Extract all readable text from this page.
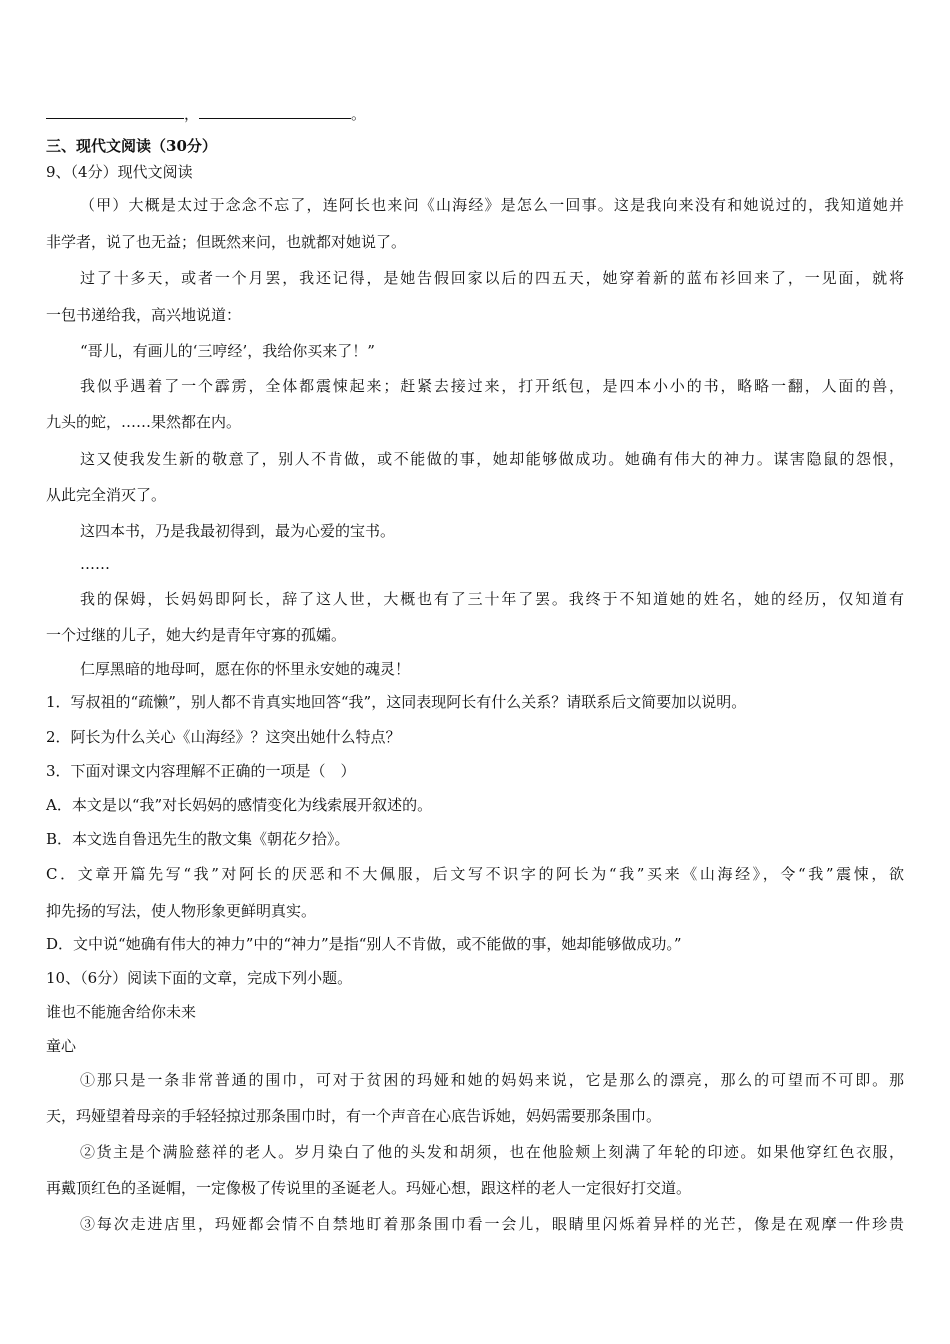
，	。
三、现代文阅读（30分）
9、（4分）现代文阅读
（甲）大概是太过于念念不忘了，连阿长也来问《山海经》是怎么一回事。这是我向来没有和她说过的，我知道她并
非学者，说了也无益；但既然来问，也就都对她说了。
过了十多天，或者一个月罢，我还记得，是她告假回家以后的四五天，她穿着新的蓝布衫回来了，一见面，就将
一包书递给我，高兴地说道：
“哥儿，有画儿的‘三哼经’，我给你买来了！”
我似乎遇着了一个霹雳，全体都震悚起来；赶紧去接过来，打开纸包，是四本小小的书，略略一翻，人面的兽，
九头的蛇，……果然都在内。
这又使我发生新的敬意了，别人不肯做，或不能做的事，她却能够做成功。她确有伟大的神力。谋害隐鼠的怨恨，
从此完全消灭了。
这四本书，乃是我最初得到，最为心爱的宝书。
……
我的保姆，长妈妈即阿长，辞了这人世，大概也有了三十年了罢。我终于不知道她的姓名，她的经历，仅知道有
一个过继的儿子，她大约是青年守寡的孤孀。
仁厚黑暗的地母呵，愿在你的怀里永安她的魂灵！
1．写叔祖的“疏懒”，别人都不肯真实地回答“我”，这同表现阿长有什么关系？请联系后文简要加以说明。
2．阿长为什么关心《山海经》？这突出她什么特点？
3．下面对课文内容理解不正确的一项是（　）
A．本文是以“我”对长妈妈的感情变化为线索展开叙述的。
B．本文选自鲁迅先生的散文集《朝花夕拾》。
C．文章开篇先写“我”对阿长的厌恶和不大佩服，后文写不识字的阿长为“我”买来《山海经》，令“我”震悚，欲
抑先扬的写法，使人物形象更鲜明真实。
D．文中说“她确有伟大的神力”中的“神力”是指“别人不肯做，或不能做的事，她却能够做成功。”
10、（6分）阅读下面的文章，完成下列小题。
谁也不能施舍给你未来
童心
①那只是一条非常普通的围巾，可对于贫困的玛娅和她的妈妈来说，它是那么的漂亮，那么的可望而不可即。那
天，玛娅望着母亲的手轻轻掠过那条围巾时，有一个声音在心底告诉她，妈妈需要那条围巾。
②货主是个满脸慈祥的老人。岁月染白了他的头发和胡须，也在他脸颊上刻满了年轮的印迹。如果他穿红色衣服，
再戴顶红色的圣诞帽，一定像极了传说里的圣诞老人。玛娅心想，跟这样的老人一定很好打交道。
③每次走进店里，玛娅都会情不自禁地盯着那条围巾看一会儿，眼睛里闪烁着异样的光芒，像是在观摩一件珍贵
